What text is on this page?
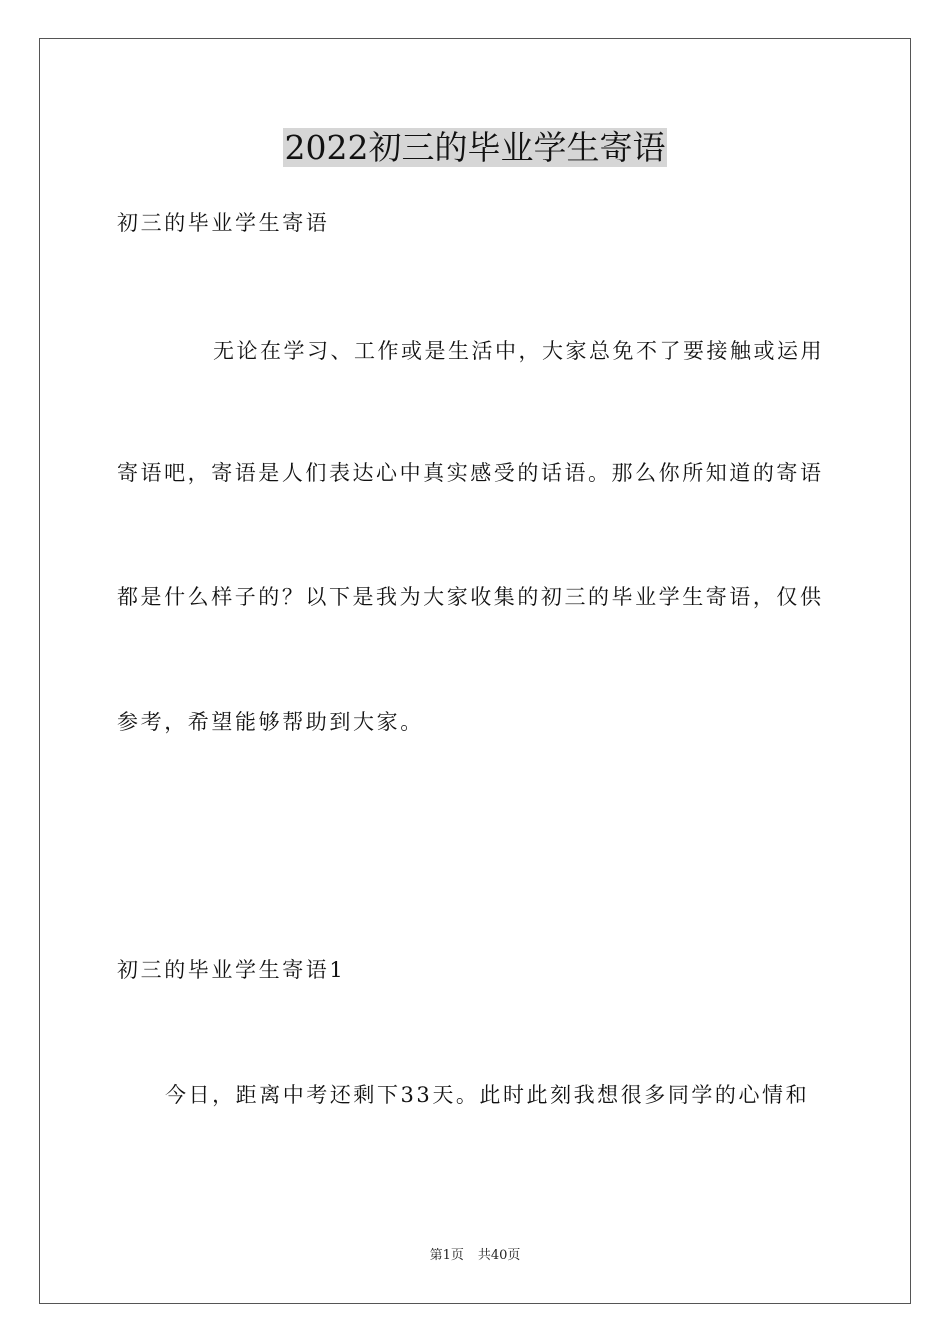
2022初三的毕业学生寄语
初三的毕业学生寄语
无论在学习、工作或是生活中，大家总免不了要接触或运用
寄语吧，寄语是人们表达心中真实感受的话语。那么你所知道的寄语
都是什么样子的？以下是我为大家收集的初三的毕业学生寄语，仅供
参考，希望能够帮助到大家。
初三的毕业学生寄语1
今日，距离中考还剩下33天。此时此刻我想很多同学的心情和
第1页 共40页
